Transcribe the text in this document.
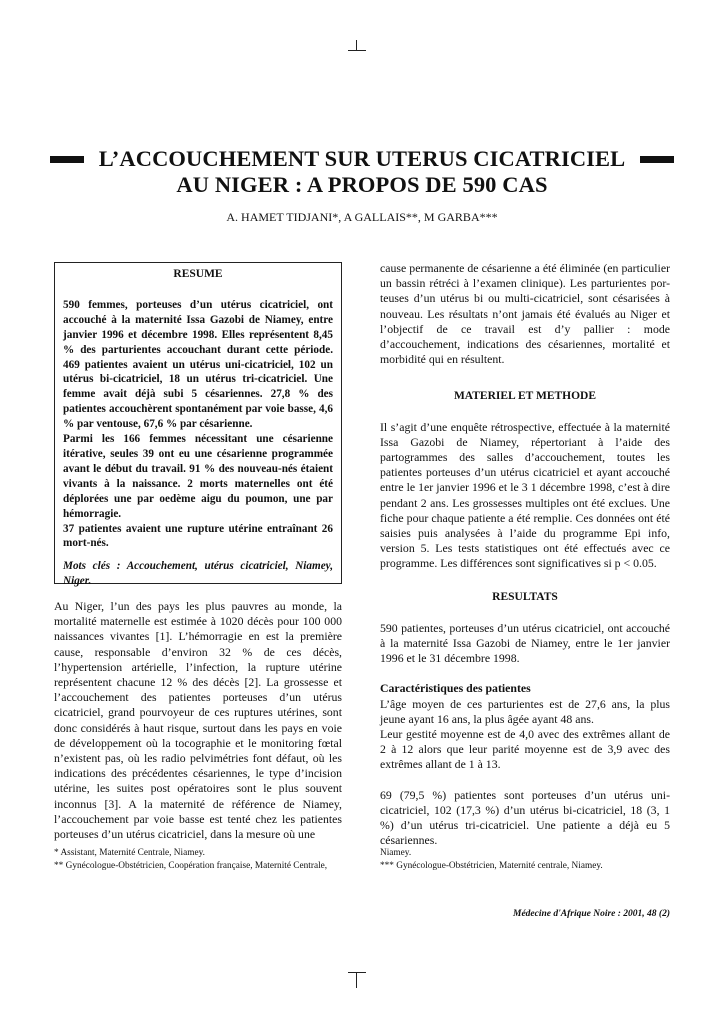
L’ACCOUCHEMENT SUR UTERUS CICATRICIEL
AU NIGER : A PROPOS DE 590 CAS
A. HAMET TIDJANI*, A GALLAIS**, M GARBA***
RESUME

590 femmes, porteuses d’un utérus cicatriciel, ont accouché à la maternité Issa Gazobi de Niamey, entre janvier 1996 et décembre 1998. Elles représentent 8,45 % des parturientes accouchant durant cette période. 469 patientes avaient un utérus uni-cicatriciel, 102 un utérus bi-cicatriciel, 18 un utérus tri-cicatriciel. Une femme avait déjà subi 5 césariennes. 27,8 % des patientes accouchèrent spontanément par voie basse, 4,6 % par ventouse, 67,6 % par césarienne.

Parmi les 166 femmes nécessitant une césarienne itérative, seules 39 ont eu une césarienne programmée avant le début du travail. 91 % des nouveau-nés étaient vivants à la naissance. 2 morts maternelles ont été déplorées une par oedème aigu du poumon, une par hémorragie.

37 patientes avaient une rupture utérine entraînant 26 mort-nés.

Mots clés : Accouchement, utérus cicatriciel, Niamey, Niger.

Au Niger, l’un des pays les plus pauvres au monde, la mortalité maternelle est estimée à 1020 décès pour 100 000 naissances vivantes [1]. L’hémorragie en est la première cause, responsable d’environ 32 % de ces décès, l’hypertension artérielle, l’infection, la rupture utérine représentent chacune 12 % des décès [2]. La grossesse et l’accouchement des patientes porteuses d’un utérus cicatriciel, grand pourvoyeur de ces ruptures utérines, sont donc considérés à haut risque, surtout dans les pays en voie de développement où la tocographie et le monitoring fœtal n’existent pas, où les radio pelvimétries font défaut, où les indications des précédentes césariennes, le type d’incision utérine, les suites post opératoires sont le plus souvent inconnus [3]. A la maternité de référence de Niamey, l’accouchement par voie basse est tenté chez les patientes porteuses d’un utérus cicatriciel, dans la mesure où une

cause permanente de césarienne a été éliminée (en particulier un bassin rétréci à l’examen clinique). Les parturientes por-teuses d’un utérus bi ou multi-cicatriciel, sont césarisées à nouveau. Les résultats n’ont jamais été évalués au Niger et l’objectif de ce travail est d’y pallier : mode d’accouchement, indications des césariennes, mortalité et morbidité qui en résultent.

MATERIEL ET METHODE

Il s’agit d’une enquête rétrospective, effectuée à la maternité Issa Gazobi de Niamey, répertoriant à l’aide des partogrammes des salles d’accouchement, toutes les patientes porteuses d’un utérus cicatriciel et ayant accouché entre le 1er janvier 1996 et le 3 1 décembre 1998, c’est à dire pendant 2 ans. Les grossesses multiples ont été exclues. Une fiche pour chaque patiente a été remplie. Ces données ont été saisies puis analysées à l’aide du programme Epi info, version 5. Les tests statistiques ont été effectués avec ce programme. Les différences sont significatives si p < 0.05.

RESULTATS

590 patientes, porteuses d’un utérus cicatriciel, ont accouché à la maternité Issa Gazobi de Niamey, entre le 1er janvier 1996 et le 31 décembre 1998.

Caractéristiques des patientes

L’âge moyen de ces parturientes est de 27,6 ans, la plus jeune ayant 16 ans, la plus âgée ayant 48 ans.

Leur gestité moyenne est de 4,0 avec des extrêmes allant de 2 à 12 alors que leur parité moyenne est de 3,9 avec des extrêmes allant de 1 à 13.

69 (79,5 %) patientes sont porteuses d’un utérus uni-cicatriciel, 102 (17,3 %) d’un utérus bi-cicatriciel, 18 (3, 1 %) d’un utérus tri-cicatriciel. Une patiente a déjà eu 5 césariennes.

* Assistant, Maternité Centrale, Niamey.
** Gynécologue-Obstétricien, Coopération française, Maternité Centrale,
Niamey.
*** Gynécologue-Obstétricien, Maternité centrale, Niamey.
Médecine d'Afrique Noire : 2001, 48 (2)
